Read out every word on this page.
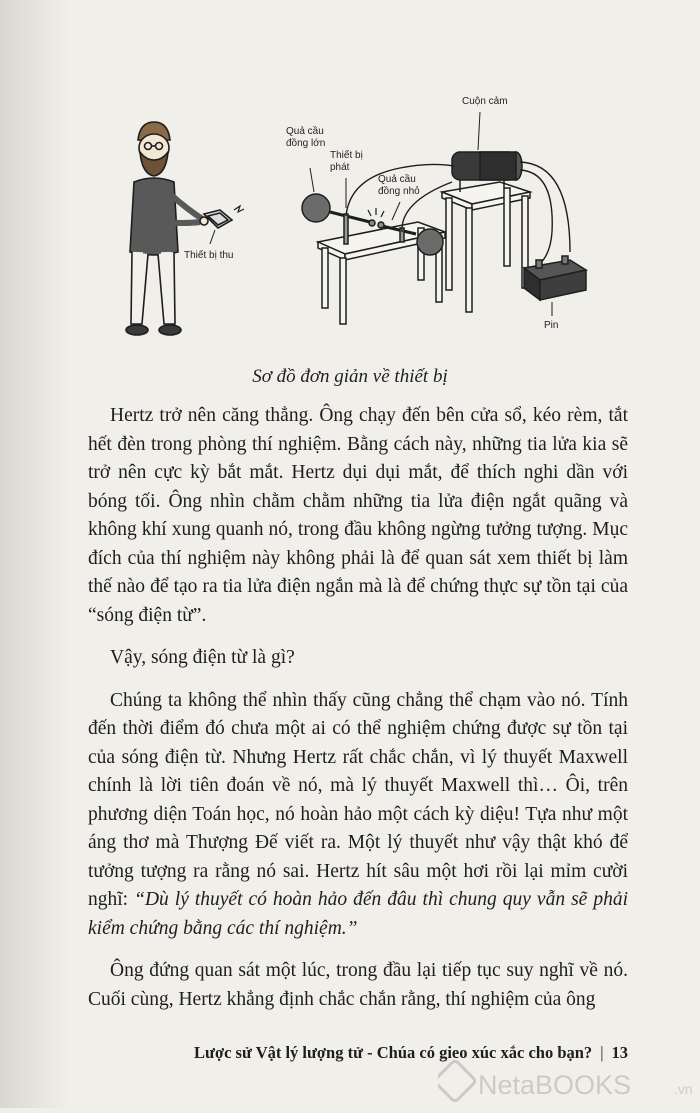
Thiết bị thu
Cuộn cảm
Quả cầu
đồng lớn
Thiết bị
phát
Quả cầu
đồng nhỏ
Pin
Sơ đồ đơn giản về thiết bị

Hertz trở nên căng thẳng. Ông chạy đến bên cửa sổ, kéo rèm, tắt hết đèn trong phòng thí nghiệm. Bằng cách này, những tia lửa kia sẽ trở nên cực kỳ bắt mắt. Hertz dụi dụi mắt, để thích nghi dần với bóng tối. Ông nhìn chằm chằm những tia lửa điện ngắt quãng và không khí xung quanh nó, trong đầu không ngừng tưởng tượng. Mục đích của thí nghiệm này không phải là để quan sát xem thiết bị làm thế nào để tạo ra tia lửa điện ngắn mà là để chứng thực sự tồn tại của “sóng điện từ”.

Vậy, sóng điện từ là gì?

Chúng ta không thể nhìn thấy cũng chẳng thể chạm vào nó. Tính đến thời điểm đó chưa một ai có thể nghiệm chứng được sự tồn tại của sóng điện từ. Nhưng Hertz rất chắc chắn, vì lý thuyết Maxwell chính là lời tiên đoán về nó, mà lý thuyết Maxwell thì… Ôi, trên phương diện Toán học, nó hoàn hảo một cách kỳ diệu! Tựa như một áng thơ mà Thượng Đế viết ra. Một lý thuyết như vậy thật khó để tưởng tượng ra rằng nó sai. Hertz hít sâu một hơi rồi lại mỉm cười nghĩ: “Dù lý thuyết có hoàn hảo đến đâu thì chung quy vẫn sẽ phải kiểm chứng bằng các thí nghiệm.”

Ông đứng quan sát một lúc, trong đầu lại tiếp tục suy nghĩ về nó. Cuối cùng, Hertz khẳng định chắc chắn rằng, thí nghiệm của ông

Lược sử Vật lý lượng tử - Chúa có gieo xúc xắc cho bạn? | 13
NetaBOOKS	.vn
